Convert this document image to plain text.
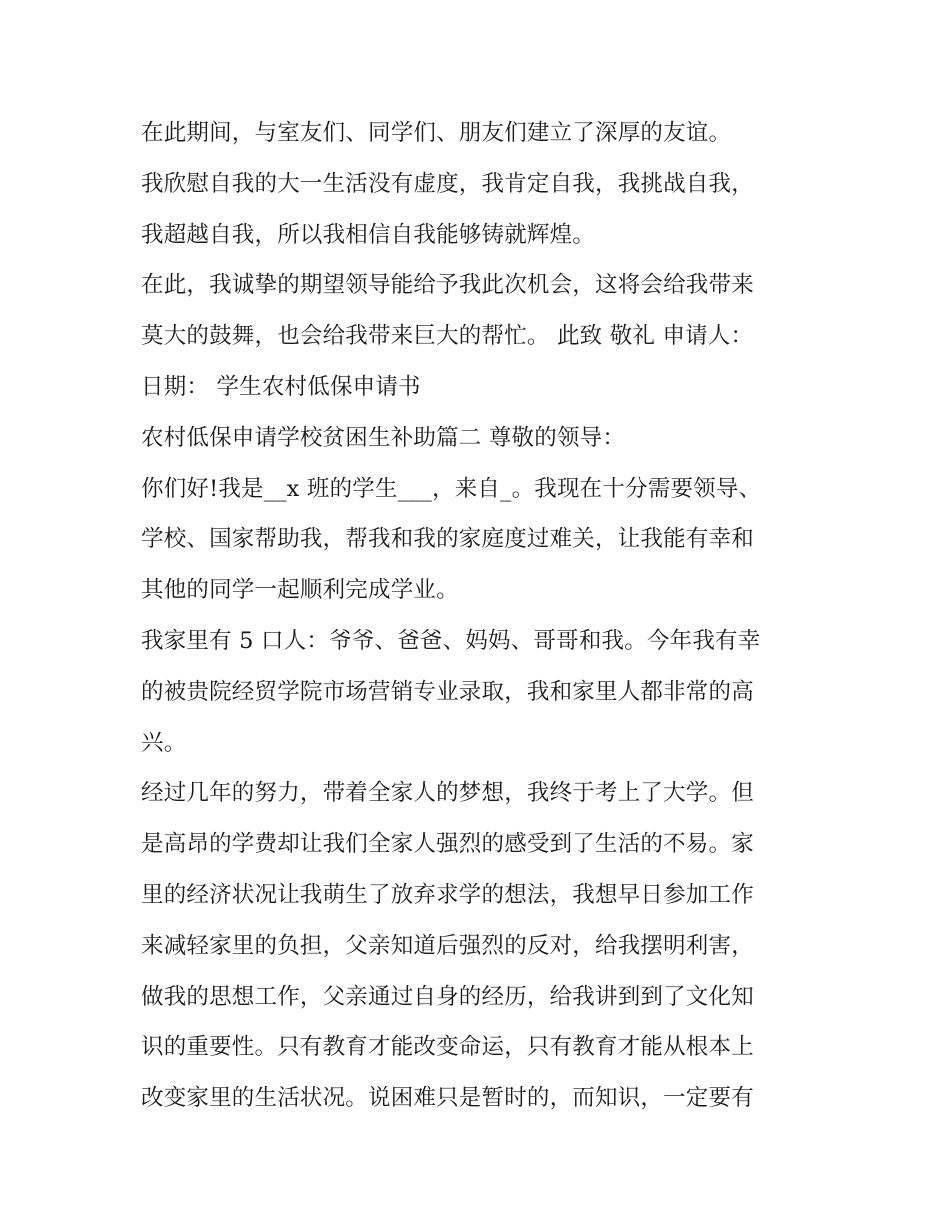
在此期间，与室友们、同学们、朋友们建立了深厚的友谊。
我欣慰自我的大一生活没有虚度，我肯定自我，我挑战自我，
我超越自我，所以我相信自我能够铸就辉煌。
在此，我诚挚的期望领导能给予我此次机会，这将会给我带来
莫大的鼓舞，也会给我带来巨大的帮忙。 此致 敬礼 申请人：
日期： 学生农村低保申请书
农村低保申请学校贫困生补助篇二 尊敬的领导：
你们好!我是__x 班的学生___，来自_。我现在十分需要领导、
学校、国家帮助我，帮我和我的家庭度过难关，让我能有幸和
其他的同学一起顺利完成学业。
我家里有 5 口人：爷爷、爸爸、妈妈、哥哥和我。今年我有幸
的被贵院经贸学院市场营销专业录取，我和家里人都非常的高
兴。
经过几年的努力，带着全家人的梦想，我终于考上了大学。但
是高昂的学费却让我们全家人强烈的感受到了生活的不易。家
里的经济状况让我萌生了放弃求学的想法，我想早日参加工作
来减轻家里的负担，父亲知道后强烈的反对，给我摆明利害，
做我的思想工作，父亲通过自身的经历，给我讲到到了文化知
识的重要性。只有教育才能改变命运，只有教育才能从根本上
改变家里的生活状况。说困难只是暂时的，而知识，一定要有
